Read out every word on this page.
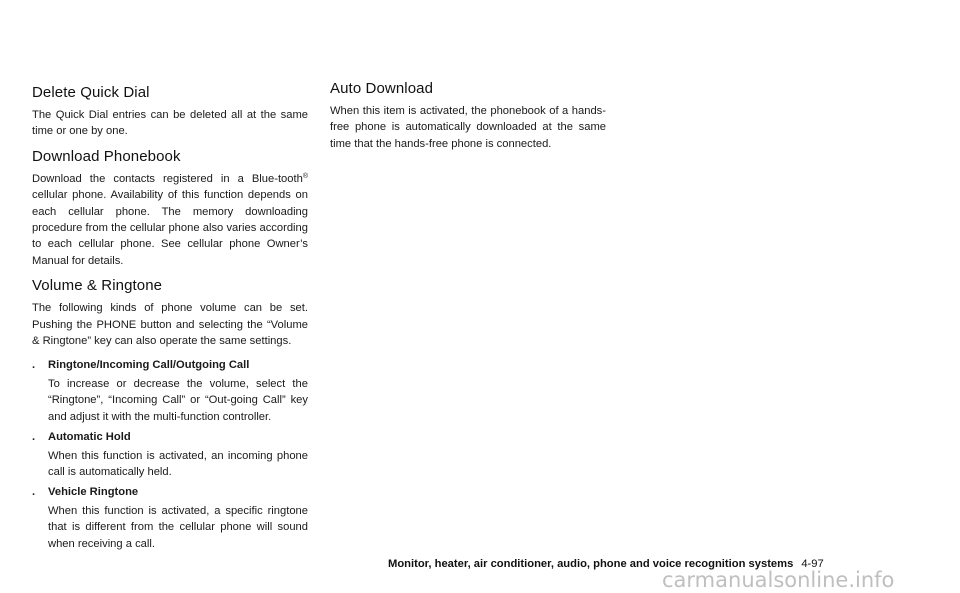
Delete Quick Dial

The Quick Dial entries can be deleted all at the same time or one by one.

Download Phonebook

Download the contacts registered in a Blue-tooth® cellular phone. Availability of this function depends on each cellular phone. The memory downloading procedure from the cellular phone also varies according to each cellular phone. See cellular phone Owner’s Manual for details.

Volume & Ringtone

The following kinds of phone volume can be set. Pushing the PHONE button and selecting the “Volume & Ringtone” key can also operate the same settings.

. Ringtone/Incoming Call/Outgoing Call

To increase or decrease the volume, select the “Ringtone”, “Incoming Call” or “Out-going Call” key and adjust it with the multi-function controller.

. Automatic Hold

When this function is activated, an incoming phone call is automatically held.

. Vehicle Ringtone

When this function is activated, a specific ringtone that is different from the cellular phone will sound when receiving a call.

Auto Download

When this item is activated, the phonebook of a hands-free phone is automatically downloaded at the same time that the hands-free phone is connected.

Monitor, heater, air conditioner, audio, phone and voice recognition systems 4-97
carmanualsonline.info
